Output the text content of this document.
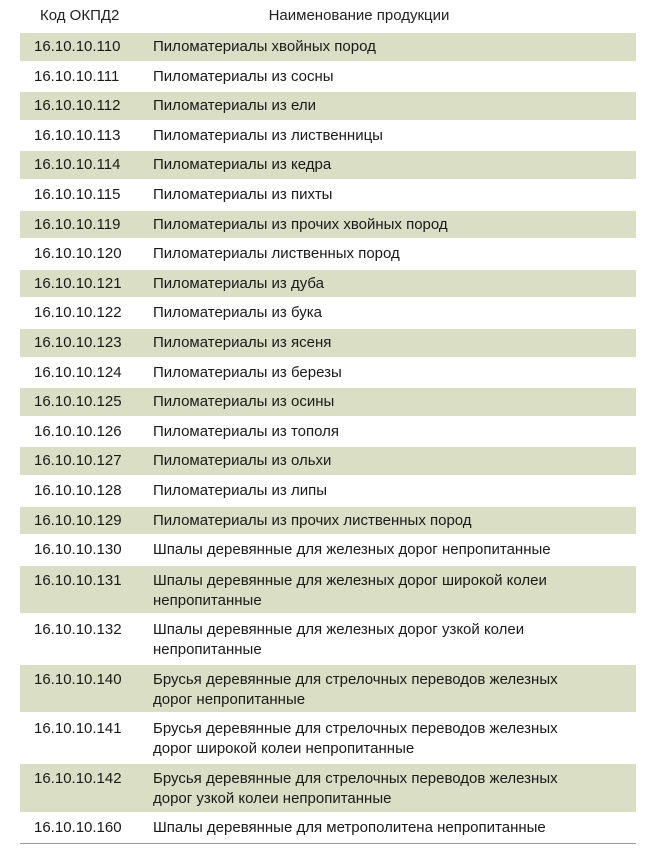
Код ОКПД2	Наименование продукции
16.10.10.110	Пиломатериалы хвойных пород
16.10.10.111	Пиломатериалы из сосны
16.10.10.112	Пиломатериалы из ели
16.10.10.113	Пиломатериалы из лиственницы
16.10.10.114	Пиломатериалы из кедра
16.10.10.115	Пиломатериалы из пихты
16.10.10.119	Пиломатериалы из прочих хвойных пород
16.10.10.120	Пиломатериалы лиственных пород
16.10.10.121	Пиломатериалы из дуба
16.10.10.122	Пиломатериалы из бука
16.10.10.123	Пиломатериалы из ясеня
16.10.10.124	Пиломатериалы из березы
16.10.10.125	Пиломатериалы из осины
16.10.10.126	Пиломатериалы из тополя
16.10.10.127	Пиломатериалы из ольхи
16.10.10.128	Пиломатериалы из липы
16.10.10.129	Пиломатериалы из прочих лиственных пород
16.10.10.130	Шпалы деревянные для железных дорог непропитанные
16.10.10.131	Шпалы деревянные для железных дорог широкой колеи
непропитанные
16.10.10.132	Шпалы деревянные для железных дорог узкой колеи
непропитанные
16.10.10.140	Брусья деревянные для стрелочных переводов железных
дорог непропитанные
16.10.10.141	Брусья деревянные для стрелочных переводов железных
дорог широкой колеи непропитанные
16.10.10.142	Брусья деревянные для стрелочных переводов железных
дорог узкой колеи непропитанные
16.10.10.160	Шпалы деревянные для метрополитена непропитанные
